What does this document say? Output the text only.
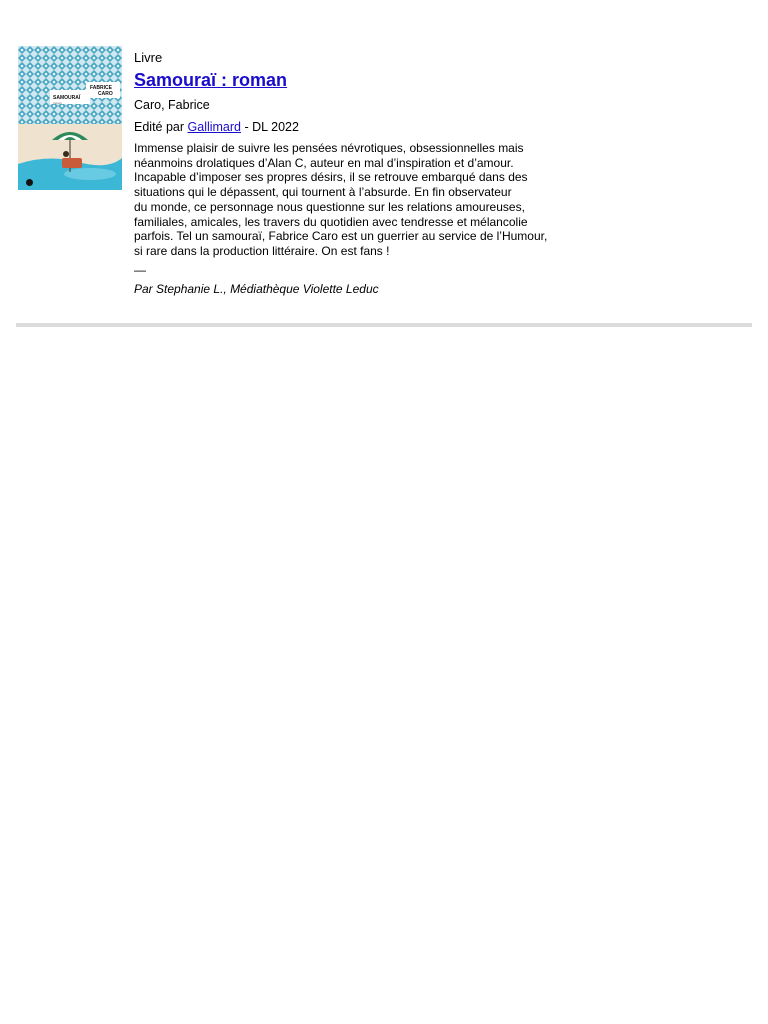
SAMOURAÏ
roman
FABRICE
CARO
Livre
Samouraï : roman
Caro, Fabrice
Edité par Gallimard - DL 2022
Immense plaisir de suivre les pensées névrotiques, obsessionnelles mais
néanmoins drolatiques d’Alan C, auteur en mal d’inspiration et d’amour.
Incapable d’imposer ses propres désirs, il se retrouve embarqué dans des
situations qui le dépassent, qui tournent à l’absurde. En fin observateur
du monde, ce personnage nous questionne sur les relations amoureuses,
familiales, amicales, les travers du quotidien avec tendresse et mélancolie
parfois. Tel un samouraï, Fabrice Caro est un guerrier au service de l’Humour,
si rare dans la production littéraire. On est fans !
—
Par Stephanie L., Médiathèque Violette Leduc
